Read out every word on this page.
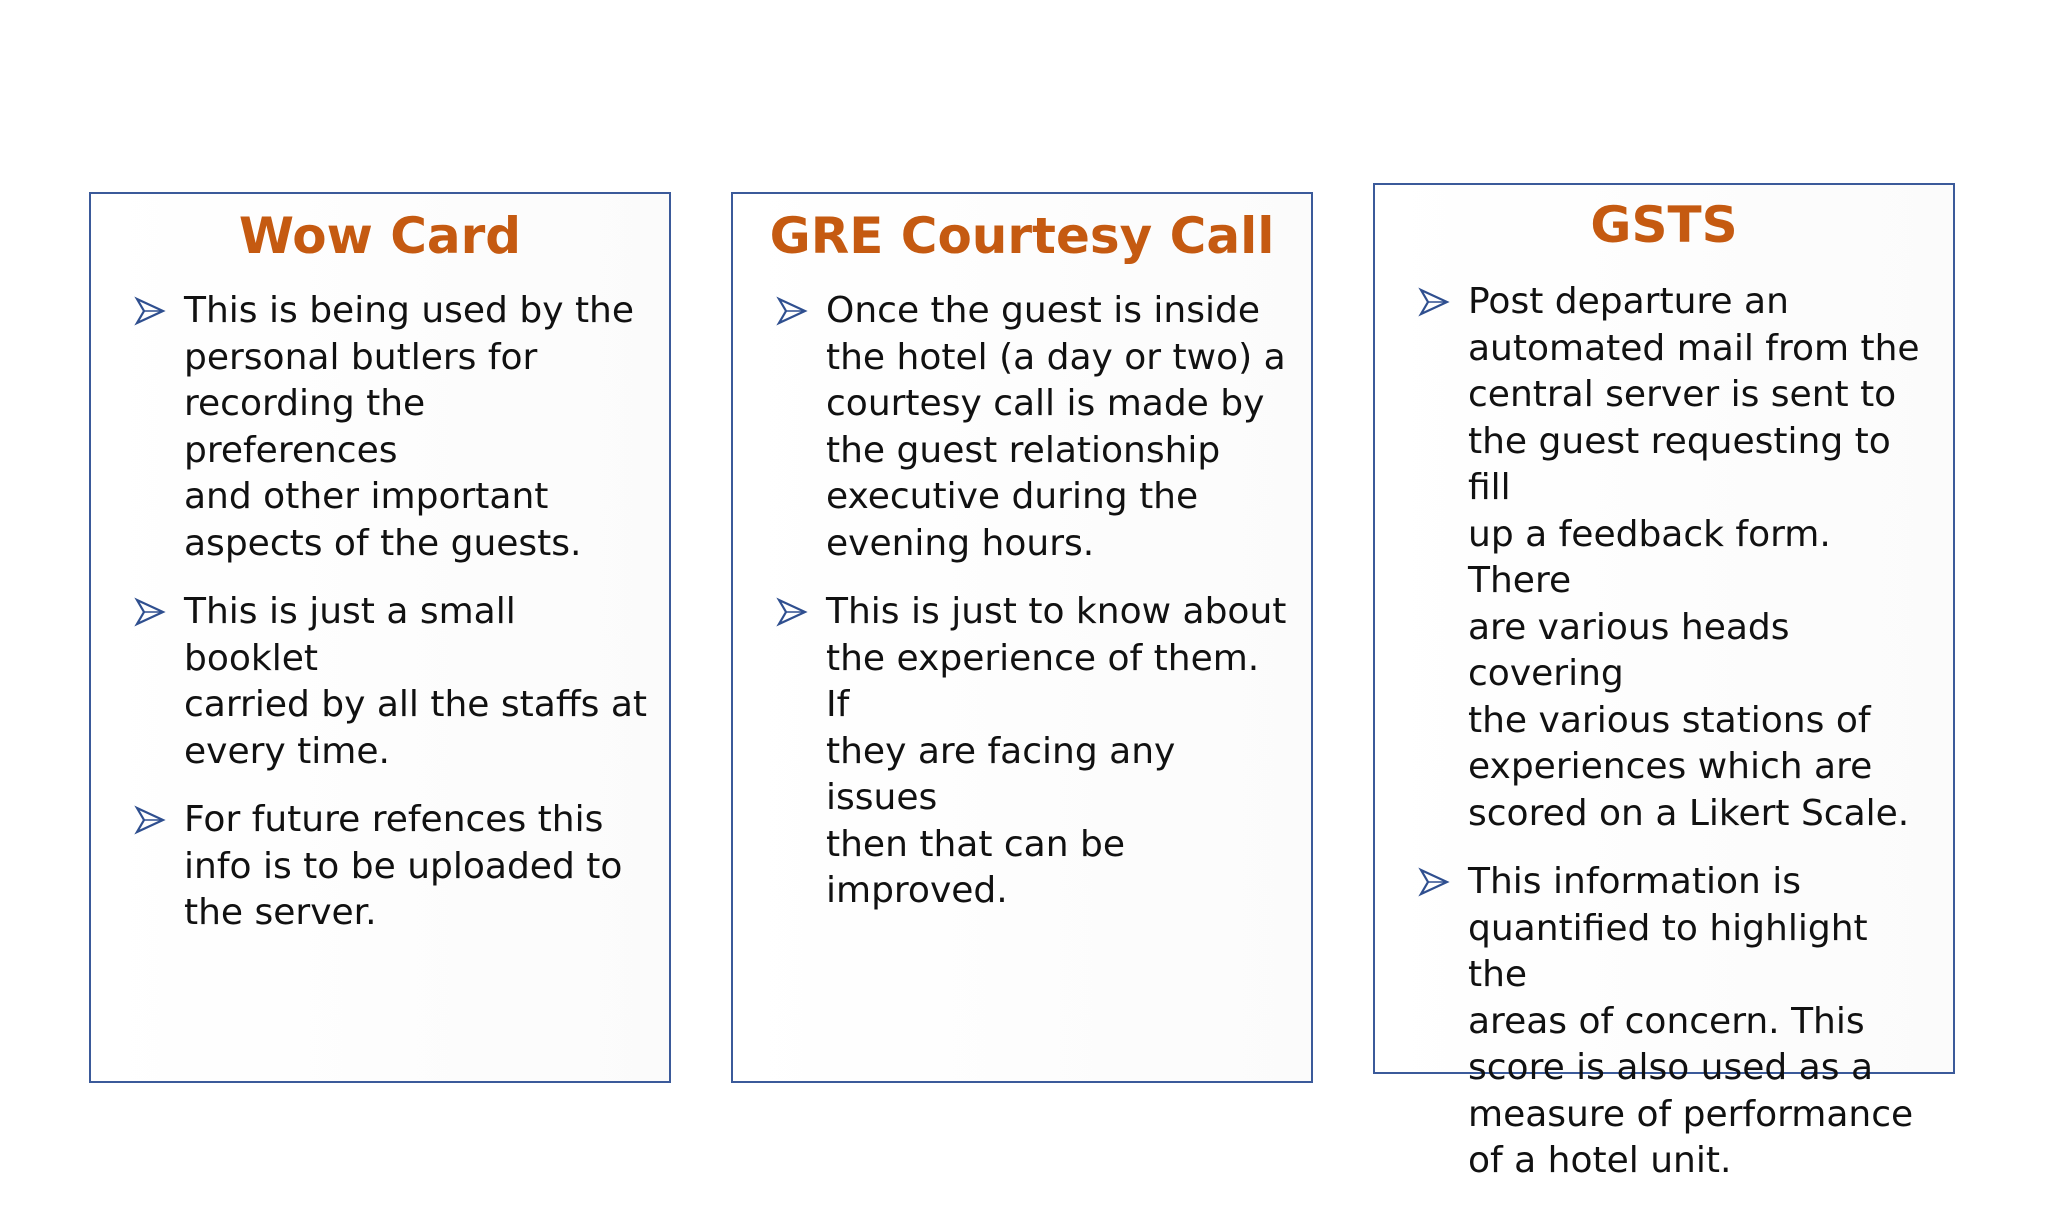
Wow Card
This is being used by the
personal butlers for
recording the preferences
and other important
aspects of the guests.
This is just a small booklet
carried by all the staffs at
every time.
For future refences this
info is to be uploaded to
the server.
GRE Courtesy Call
Once the guest is inside
the hotel (a day or two) a
courtesy call is made by
the guest relationship
executive during the
evening hours.
This is just to know about
the experience of them. If
they are facing any issues
then that can be
improved.
GSTS
Post departure an
automated mail from the
central server is sent to
the guest requesting to fill
up a feedback form. There
are various heads covering
the various stations of
experiences which are
scored on a Likert Scale.
This information is
quantified to highlight the
areas of concern. This
score is also used as a
measure of performance
of a hotel unit.
